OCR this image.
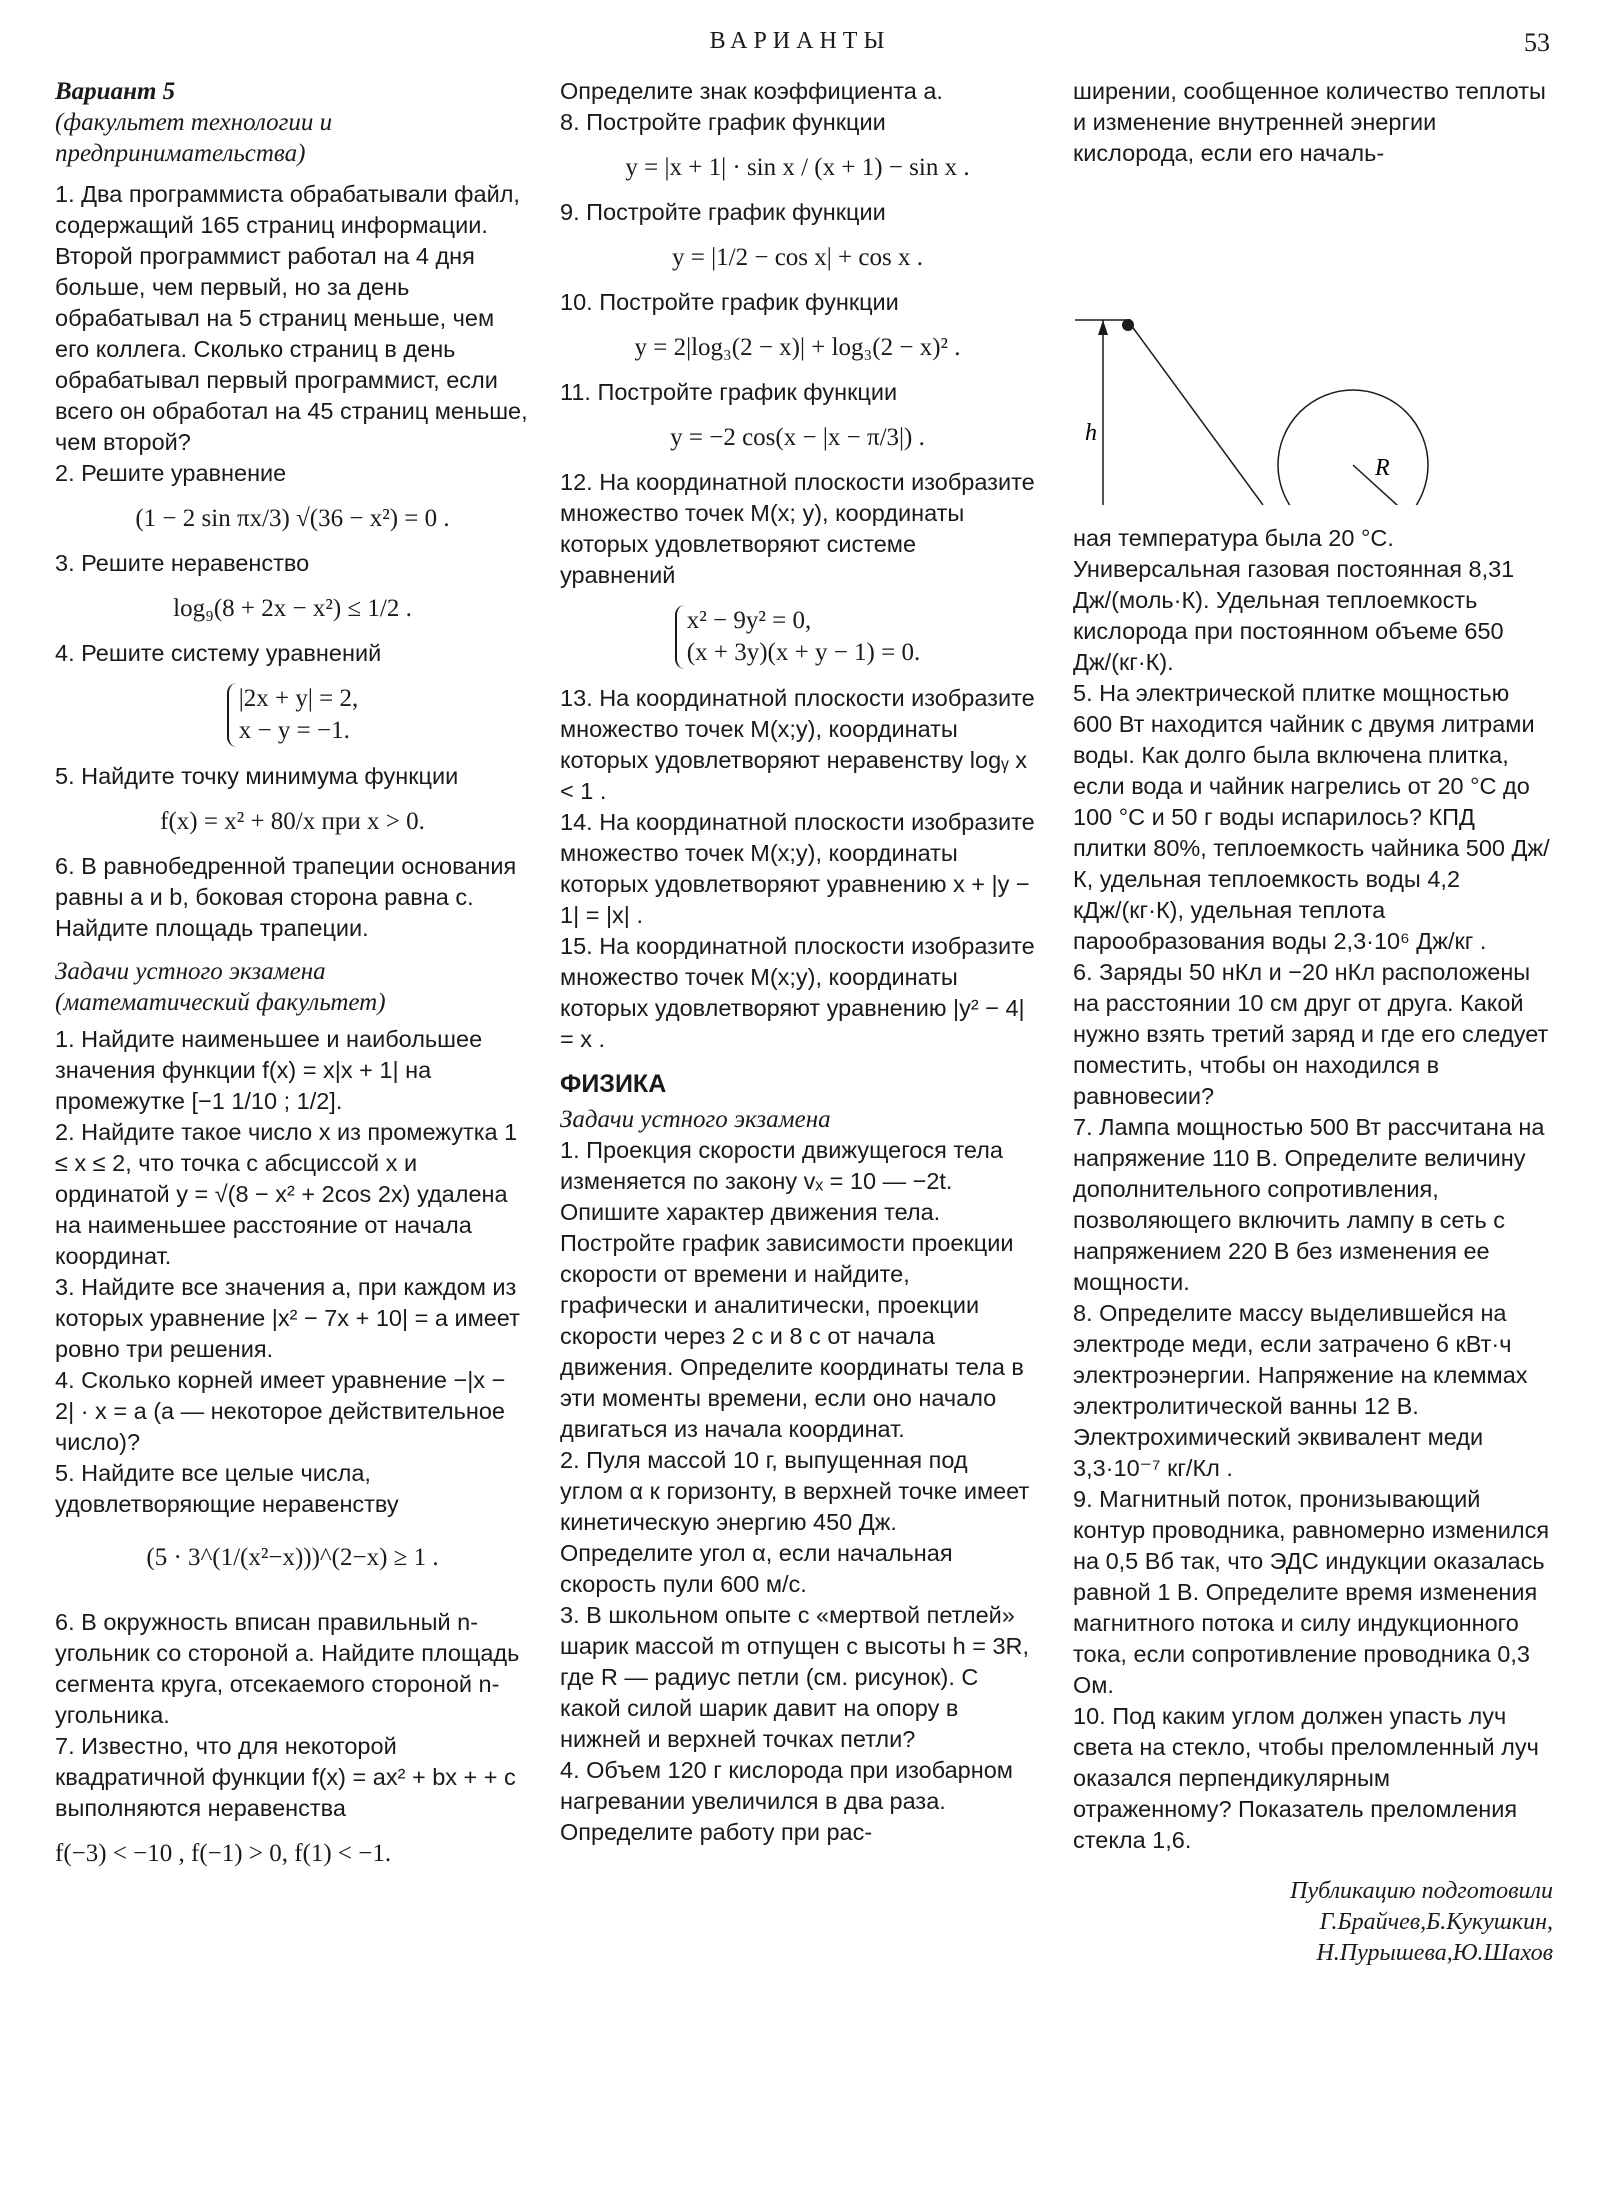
ВАРИАНТЫ	53
Вариант 5
(факультет технологии и предпринимательства)

1. Два программиста обрабатывали файл, содержащий 165 страниц информации. Второй программист работал на 4 дня больше, чем первый, но за день обрабатывал на 5 страниц меньше, чем его коллега. Сколько страниц в день обрабатывал первый программист, если всего он обработал на 45 страниц меньше, чем второй?

2. Решите уравнение

(1 − 2 sin πx/3) √(36 − x²) = 0 .

3. Решите неравенство

log₉(8 + 2x − x²) ≤ 1/2 .

4. Решите систему уравнений

|2x + y| = 2,
x − y = −1.

5. Найдите точку минимума функции

f(x) = x² + 80/x при x > 0.

6. В равнобедренной трапеции основания равны a и b, боковая сторона равна c. Найдите площадь трапеции.

Задачи устного экзамена
(математический факультет)

1. Найдите наименьшее и наибольшее значения функции f(x) = x|x + 1| на промежутке [−1 1/10 ; 1/2].

2. Найдите такое число x из промежутка 1 ≤ x ≤ 2, что точка с абсциссой x и ординатой y = √(8 − x² + 2cos 2x) удалена на наименьшее расстояние от начала координат.

3. Найдите все значения a, при каждом из которых уравнение |x² − 7x + 10| = a имеет ровно три решения.

4. Сколько корней имеет уравнение −|x − 2| · x = a (a — некоторое действительное число)?

5. Найдите все целые числа, удовлетворяющие неравенству

(5 · 3^(1/(x²−x)))^(2−x) ≥ 1 .

6. В окружность вписан правильный n-угольник со стороной a. Найдите площадь сегмента круга, отсекаемого стороной n-угольника.

7. Известно, что для некоторой квадратичной функции f(x) = ax² + bx + + c выполняются неравенства

f(−3) < −10 , f(−1) > 0, f(1) < −1.

Определите знак коэффициента a.

8. Постройте график функции

y = |x + 1| · sin x / (x + 1) − sin x .

9. Постройте график функции

y = |1/2 − cos x| + cos x .

10. Постройте график функции

y = 2|log₃(2 − x)| + log₃(2 − x)² .

11. Постройте график функции

y = −2 cos(x − |x − π/3|) .

12. На координатной плоскости изобразите множество точек M(x; y), координаты которых удовлетворяют системе уравнений

x² − 9y² = 0,
(x + 3y)(x + y − 1) = 0.

13. На координатной плоскости изобразите множество точек M(x;y), координаты которых удовлетворяют неравенству logᵧ x < 1 .

14. На координатной плоскости изобразите множество точек M(x;y), координаты которых удовлетворяют уравнению x + |y − 1| = |x| .

15. На координатной плоскости изобразите множество точек M(x;y), координаты которых удовлетворяют уравнению |y² − 4| = x .

ФИЗИКА
Задачи устного экзамена

1. Проекция скорости движущегося тела изменяется по закону vₓ = 10 — −2t. Опишите характер движения тела. Постройте график зависимости проекции скорости от времени и найдите, графически и аналитически, проекции скорости через 2 с и 8 с от начала движения. Определите координаты тела в эти моменты времени, если оно начало двигаться из начала координат.

2. Пуля массой 10 г, выпущенная под углом α к горизонту, в верхней точке имеет кинетическую энергию 450 Дж. Определите угол α, если начальная скорость пули 600 м/с.

3. В школьном опыте с «мертвой петлей» шарик массой m отпущен с высоты h = 3R, где R — радиус петли (см. рисунок). С какой силой шарик давит на опору в нижней и верхней точках петли?

4. Объем 120 г кислорода при изобарном нагревании увеличился в два раза. Определите работу при рас-

ширении, сообщенное количество теплоты и изменение внутренней энергии кислорода, если его началь-

h
R

ная температура была 20 °С. Универсальная газовая постоянная 8,31 Дж/(моль·К). Удельная теплоемкость кислорода при постоянном объеме 650 Дж/(кг·К).

5. На электрической плитке мощностью 600 Вт находится чайник с двумя литрами воды. Как долго была включена плитка, если вода и чайник нагрелись от 20 °С до 100 °С и 50 г воды испарилось? КПД плитки 80%, теплоемкость чайника 500 Дж/К, удельная теплоемкость воды 4,2 кДж/(кг·К), удельная теплота парообразования воды 2,3·10⁶ Дж/кг .

6. Заряды 50 нКл и −20 нКл расположены на расстоянии 10 см друг от друга. Какой нужно взять третий заряд и где его следует поместить, чтобы он находился в равновесии?

7. Лампа мощностью 500 Вт рассчитана на напряжение 110 В. Определите величину дополнительного сопротивления, позволяющего включить лампу в сеть с напряжением 220 В без изменения ее мощности.

8. Определите массу выделившейся на электроде меди, если затрачено 6 кВт·ч электроэнергии. Напряжение на клеммах электролитической ванны 12 В. Электрохимический эквивалент меди 3,3·10⁻⁷ кг/Кл .

9. Магнитный поток, пронизывающий контур проводника, равномерно изменился на 0,5 Вб так, что ЭДС индукции оказалась равной 1 В. Определите время изменения магнитного потока и силу индукционного тока, если сопротивление проводника 0,3 Ом.

10. Под каким углом должен упасть луч света на стекло, чтобы преломленный луч оказался перпендикулярным отраженному? Показатель преломления стекла 1,6.

Публикацию подготовили
Г.Брайчев,Б.Кукушкин,
Н.Пурышева,Ю.Шахов
